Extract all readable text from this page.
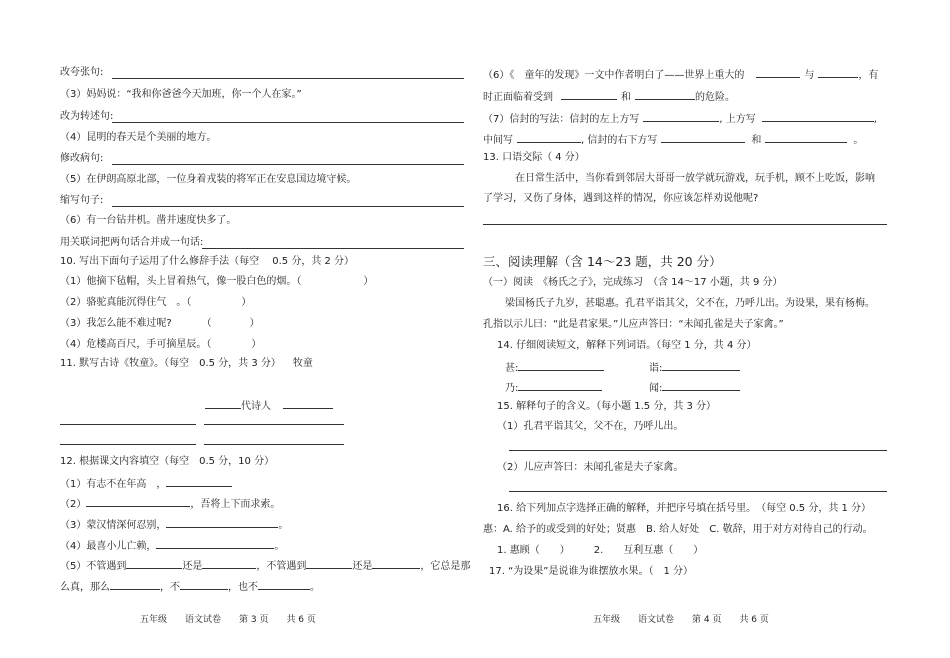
改夸张句:
（3）妈妈说：“我和你爸爸今天加班，你一个人在家。”
改为转述句:
（4）昆明的春天是个美丽的地方。
修改病句:
（5）在伊朗高原北部，一位身着戎装的将军正在安息国边境守候。
缩写句子:
（6）有一台钻井机。凿井速度快多了。
用关联词把两句话合并成一句话:
10. 写出下面句子运用了什么修辞手法（每空　 0.5 分，共 2 分）
（1）他摘下毡帽，头上冒着热气，像一股白色的烟。（	）
（2）骆驼真能沉得住气　。（	）
（3）我怎么能不难过呢?	（	）
（4）危楼高百尺，手可摘星辰。（	）
11. 默写古诗《牧童》。（每空　0.5 分，共 3 分） 牧童
代诗人
12. 根据课文内容填空（每空　0.5 分，10 分）
（1）有志不在年高　，
（2）	，吾将上下而求索。
（3）蒙汉情深何忍别，	。
（4）最喜小儿亡赖，	。
（5）不管遇到	还是	，不管遇到	还是	，它总是那
么真，那么	，不	，也不	。
五年级　　语文试卷　　第 3 页　　共 6 页
（6）《　童年的发现》一文中作者明白了——世界上重大的	与	，有
时正面临着受到	和	的危险。
（7）信封的写法：信封的左上方写	, 上方写	,
中间写	, 信封的右下方写	和	。
13. 口语交际（ 4 分）
在日常生活中，当你看到邻居大哥哥一放学就玩游戏，玩手机，顾不上吃饭，影响
了学习，又伤了身体，遇到这样的情况，你应该怎样劝说他呢?
三、阅读理解（含 14～23 题，共 20 分）
（一）阅读　《杨氏之子》，完成练习　（含 14～17 小题，共 9 分）
梁国杨氏子九岁，甚聪惠。孔君平诣其父，父不在，乃呼儿出。为设果，果有杨梅。
孔指以示儿曰：“此是君家果。”儿应声答曰：“未闻孔雀是夫子家禽。”
14. 仔细阅读短文，解释下列词语。（每空 1 分，共 4 分）
甚:	诣:
乃:	闻:
15. 解释句子的含义。（每小题 1.5 分，共 3 分）
（1）孔君平诣其父，父不在，乃呼儿出。
（2）儿应声答曰：未闻孔雀是夫子家禽。
16. 给下列加点字选择正确的解释，并把序号填在括号里。　（每空 0.5 分，共 1 分）
惠：A. 给予的或受到的好处；贤惠　B. 给人好处　C. 敬辞，用于对方对待自己的行动。
1. 惠顾（　　） 2.　　互利互惠（　　）
17. “为设果”是说谁为谁摆放水果。（　1 分）
五年级　　语文试卷　　第 4 页　　共 6 页
